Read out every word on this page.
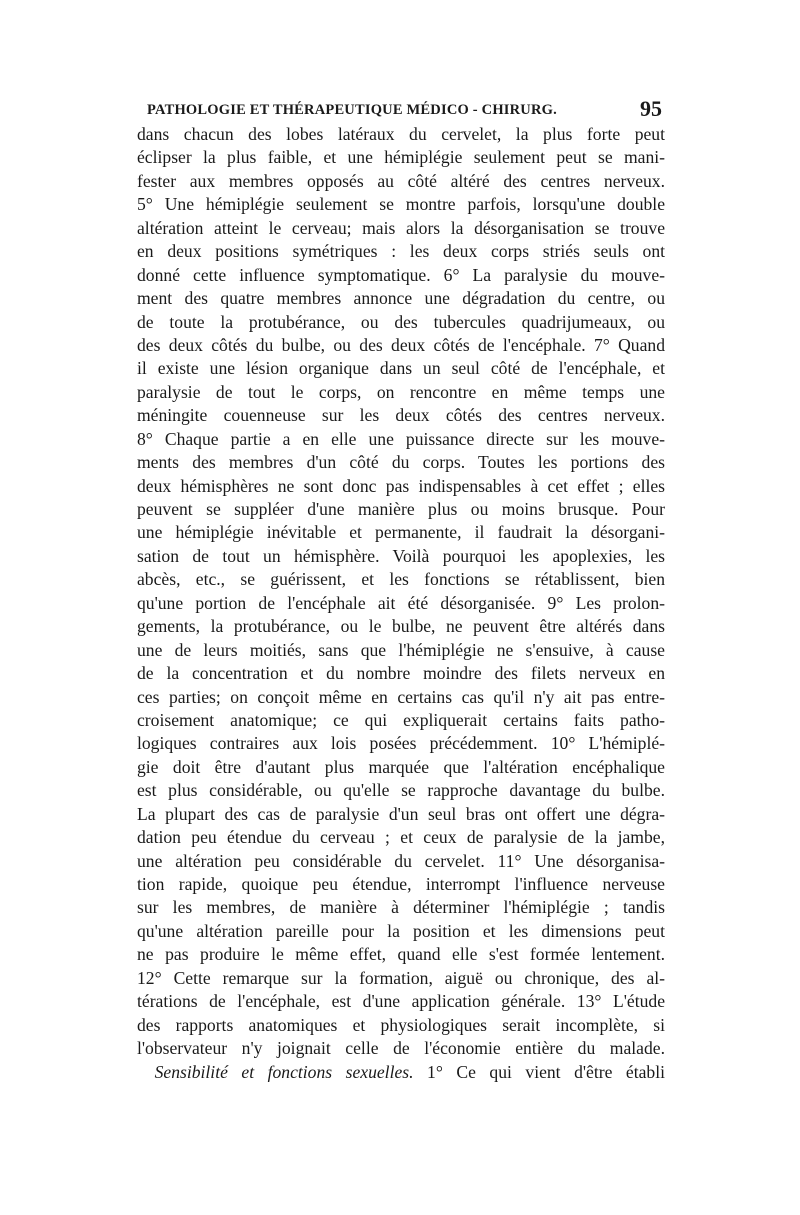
PATHOLOGIE ET THÉRAPEUTIQUE MÉDICO - CHIRURG.	95
dans chacun des lobes latéraux du cervelet, la plus forte peut
éclipser la plus faible, et une hémiplégie seulement peut se mani-
fester aux membres opposés au côté altéré des centres nerveux.
5° Une hémiplégie seulement se montre parfois, lorsqu'une double
altération atteint le cerveau; mais alors la désorganisation se trouve
en deux positions symétriques : les deux corps striés seuls ont
donné cette influence symptomatique. 6° La paralysie du mouve-
ment des quatre membres annonce une dégradation du centre, ou
de toute la protubérance, ou des tubercules quadrijumeaux, ou
des deux côtés du bulbe, ou des deux côtés de l'encéphale. 7° Quand
il existe une lésion organique dans un seul côté de l'encéphale, et
paralysie de tout le corps, on rencontre en même temps une
méningite couenneuse sur les deux côtés des centres nerveux.
8° Chaque partie a en elle une puissance directe sur les mouve-
ments des membres d'un côté du corps. Toutes les portions des
deux hémisphères ne sont donc pas indispensables à cet effet ; elles
peuvent se suppléer d'une manière plus ou moins brusque. Pour
une hémiplégie inévitable et permanente, il faudrait la désorgani-
sation de tout un hémisphère. Voilà pourquoi les apoplexies, les
abcès, etc., se guérissent, et les fonctions se rétablissent, bien
qu'une portion de l'encéphale ait été désorganisée. 9° Les prolon-
gements, la protubérance, ou le bulbe, ne peuvent être altérés dans
une de leurs moitiés, sans que l'hémiplégie ne s'ensuive, à cause
de la concentration et du nombre moindre des filets nerveux en
ces parties; on conçoit même en certains cas qu'il n'y ait pas entre-
croisement anatomique; ce qui expliquerait certains faits patho-
logiques contraires aux lois posées précédemment. 10° L'hémiplé-
gie doit être d'autant plus marquée que l'altération encéphalique
est plus considérable, ou qu'elle se rapproche davantage du bulbe.
La plupart des cas de paralysie d'un seul bras ont offert une dégra-
dation peu étendue du cerveau ; et ceux de paralysie de la jambe,
une altération peu considérable du cervelet. 11° Une désorganisa-
tion rapide, quoique peu étendue, interrompt l'influence nerveuse
sur les membres, de manière à déterminer l'hémiplégie ; tandis
qu'une altération pareille pour la position et les dimensions peut
ne pas produire le même effet, quand elle s'est formée lentement.
12° Cette remarque sur la formation, aiguë ou chronique, des al-
térations de l'encéphale, est d'une application générale. 13° L'étude
des rapports anatomiques et physiologiques serait incomplète, si
l'observateur n'y joignait celle de l'économie entière du malade.
 Sensibilité et fonctions sexuelles. 1° Ce qui vient d'être établi
